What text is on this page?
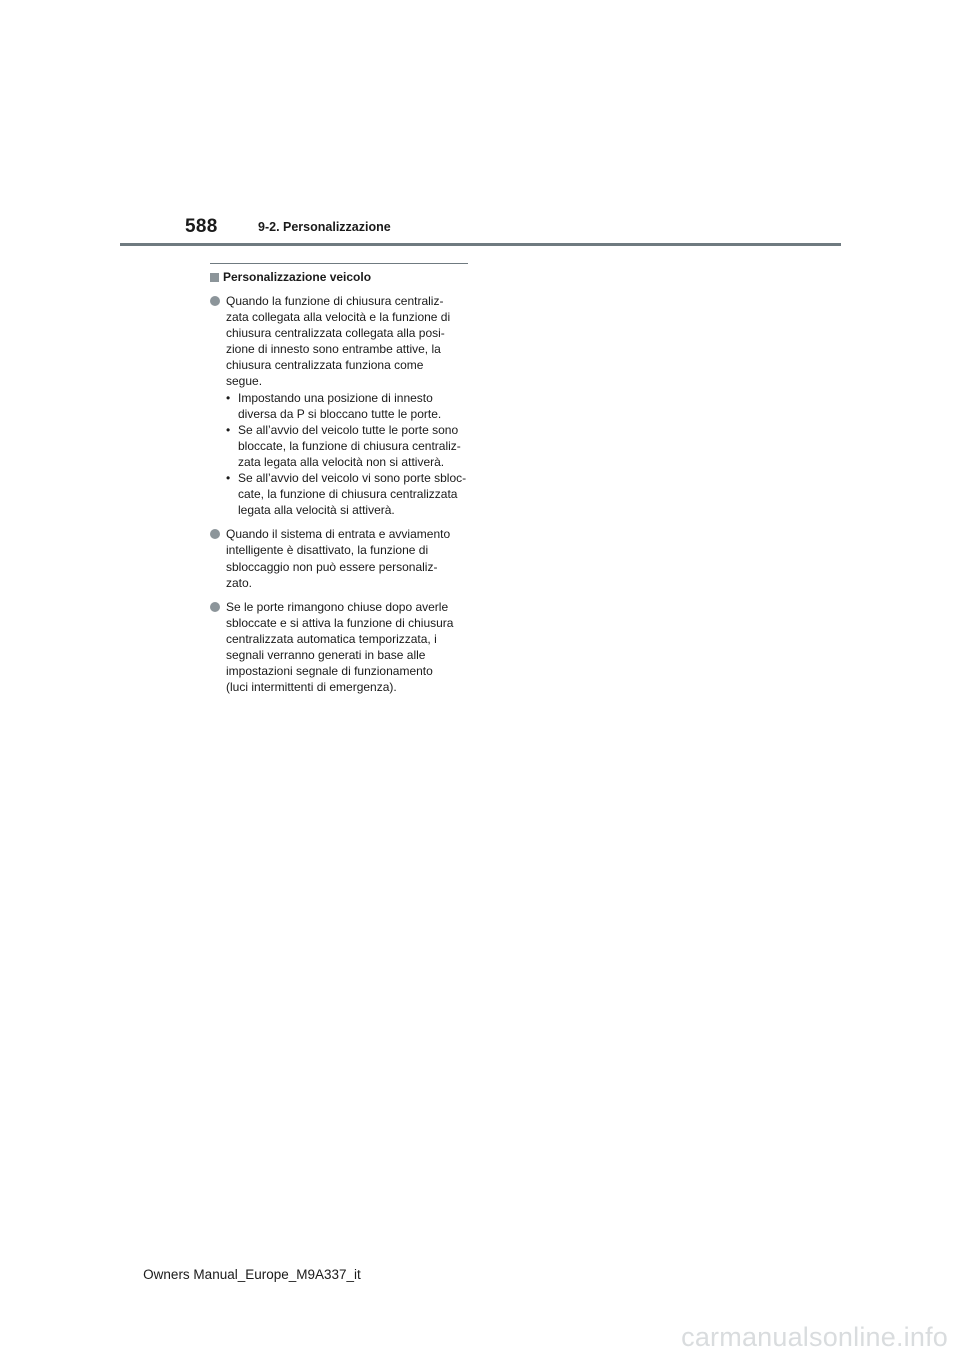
588	9-2. Personalizzazione
Personalizzazione veicolo
Quando la funzione di chiusura centraliz-
zata collegata alla velocità e la funzione di
chiusura centralizzata collegata alla posi-
zione di innesto sono entrambe attive, la
chiusura centralizzata funziona come
segue.
• Impostando una posizione di innesto
diversa da P si bloccano tutte le porte.
• Se all’avvio del veicolo tutte le porte sono
bloccate, la funzione di chiusura centraliz-
zata legata alla velocità non si attiverà.
• Se all’avvio del veicolo vi sono porte sbloc-
cate, la funzione di chiusura centralizzata
legata alla velocità si attiverà.
Quando il sistema di entrata e avviamento
intelligente è disattivato, la funzione di
sbloccaggio non può essere personaliz-
zato.
Se le porte rimangono chiuse dopo averle
sbloccate e si attiva la funzione di chiusura
centralizzata automatica temporizzata, i
segnali verranno generati in base alle
impostazioni segnale di funzionamento
(luci intermittenti di emergenza).
Owners Manual_Europe_M9A337_it
carmanualsonline.info
